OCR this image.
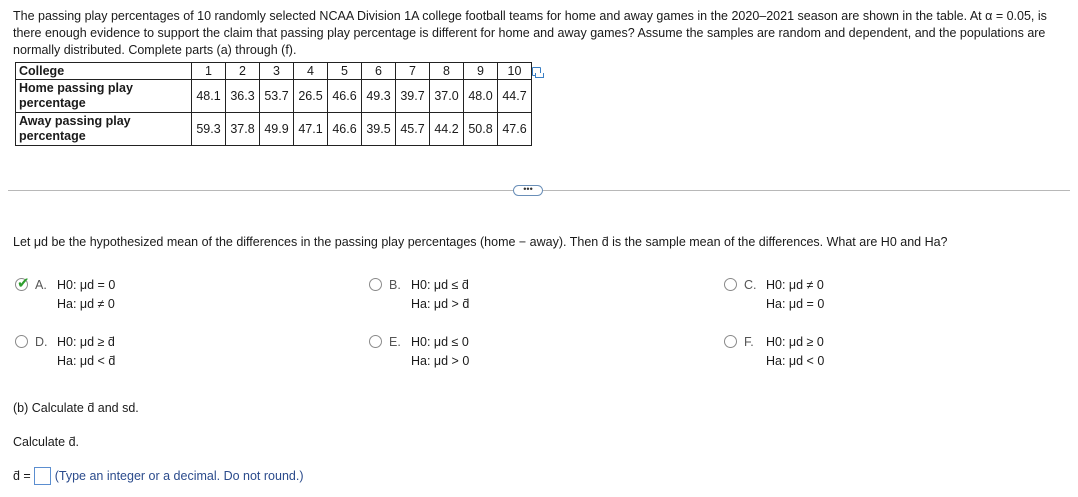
The passing play percentages of 10 randomly selected NCAA Division 1A college football teams for home and away games in the 2020–2021 season are shown in the table. At α = 0.05, is there enough evidence to support the claim that passing play percentage is different for home and away games? Assume the samples are random and dependent, and the populations are normally distributed. Complete parts (a) through (f).

College	1	2	3	4	5	6	7	8	9	10
Home passing play percentage	48.1	36.3	53.7	26.5	46.6	49.3	39.7	37.0	48.0	44.7
Away passing play percentage	59.3	37.8	49.9	47.1	46.6	39.5	45.7	44.2	50.8	47.6
•••

Let μd be the hypothesized mean of the differences in the passing play percentages (home − away). Then d̄ is the sample mean of the differences. What are H0 and Ha?

✔ A. H0: μd = 0
Ha: μd ≠ 0
B. H0: μd ≤ d̄
Ha: μd > d̄
C. H0: μd ≠ 0
Ha: μd = 0
D. H0: μd ≥ d̄
Ha: μd < d̄
E. H0: μd ≤ 0
Ha: μd > 0
F. H0: μd ≥ 0
Ha: μd < 0

(b) Calculate d̄ and sd.

Calculate d̄.

d̄ = (Type an integer or a decimal. Do not round.)
